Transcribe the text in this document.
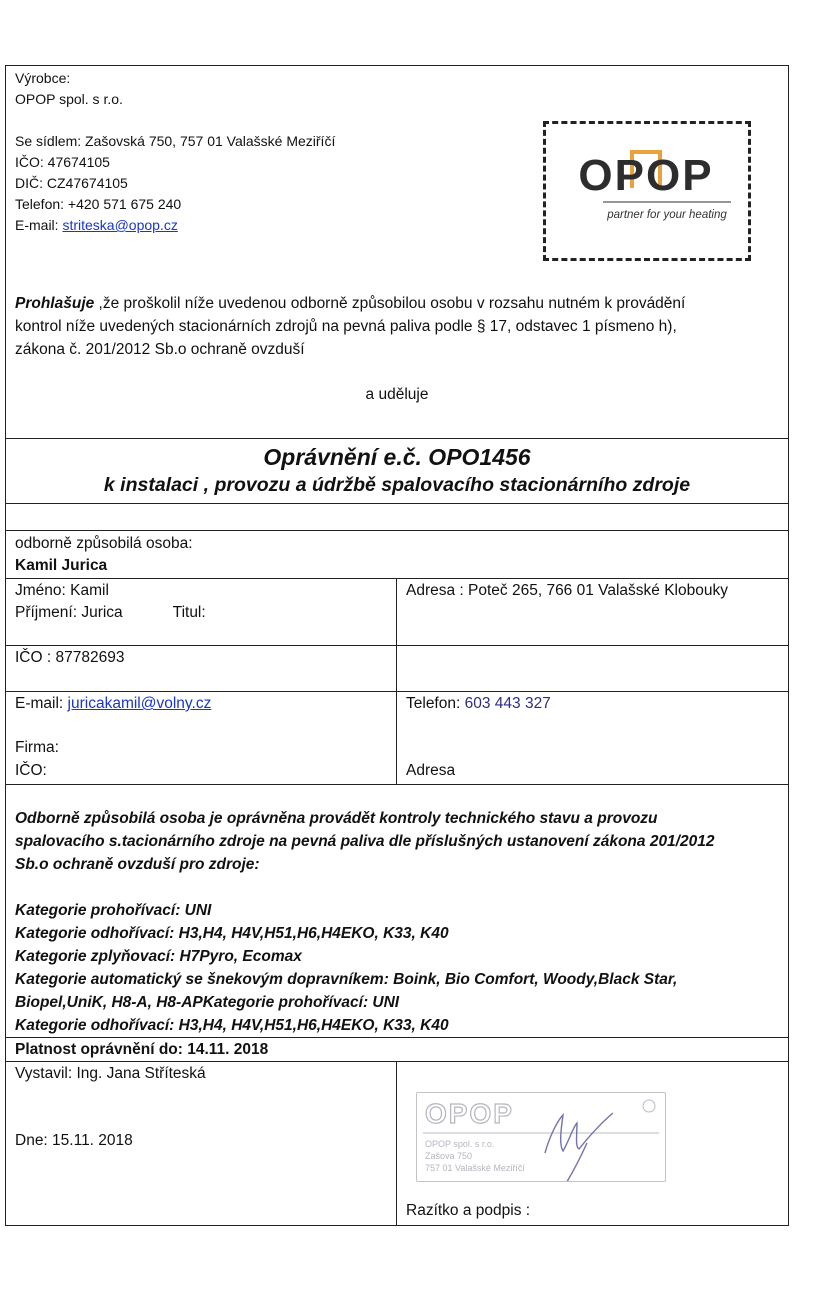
Výrobce:
OPOP spol. s r.o.
Se sídlem: Zašovská 750, 757 01 Valašské Meziříčí
IČO: 47674105
DIČ: CZ47674105
Telefon: +420 571 675 240
E-mail: striteska@opop.cz
OPOP
partner for your heating
Prohlašuje ,že proškolil níže uvedenou odborně způsobilou osobu v rozsahu nutném k provádění
kontrol níže uvedených stacionárních zdrojů na pevná paliva podle § 17, odstavec 1 písmeno h),
zákona č. 201/2012 Sb.o ochraně ovzduší
a uděluje
Oprávnění e.č. OPO1456
k instalaci , provozu a údržbě spalovacího stacionárního zdroje
odborně způsobilá osoba:
Kamil Jurica
Jméno: Kamil
Příjmení: Jurica	Titul:
Adresa : Poteč 265, 766 01 Valašské Klobouky
IČO : 87782693
E-mail: juricakamil@volny.cz
Firma:
IČO:
Telefon: 603 443 327
Adresa
Odborně způsobilá osoba je oprávněna provádět kontroly technického stavu a provozu
spalovacího s.tacionárního zdroje na pevná paliva dle příslušných ustanovení zákona 201/2012
Sb.o ochraně ovzduší pro zdroje:
Kategorie prohořívací: UNI
Kategorie odhořívací: H3,H4, H4V,H51,H6,H4EKO, K33, K40
Kategorie zplyňovací: H7Pyro, Ecomax
Kategorie automatický se šnekovým dopravníkem: Boink, Bio Comfort, Woody,Black Star,
Biopel,UniK, H8-A, H8-APKategorie prohořívací: UNI
Kategorie odhořívací: H3,H4, H4V,H51,H6,H4EKO, K33, K40
Platnost oprávnění do: 14.11. 2018
Vystavil: Ing. Jana Stříteská
Dne: 15.11. 2018
OPOP
OPOP spol. s r.o.
Zašova 750
757 01 Valašské Meziříčí
Razítko a podpis :
